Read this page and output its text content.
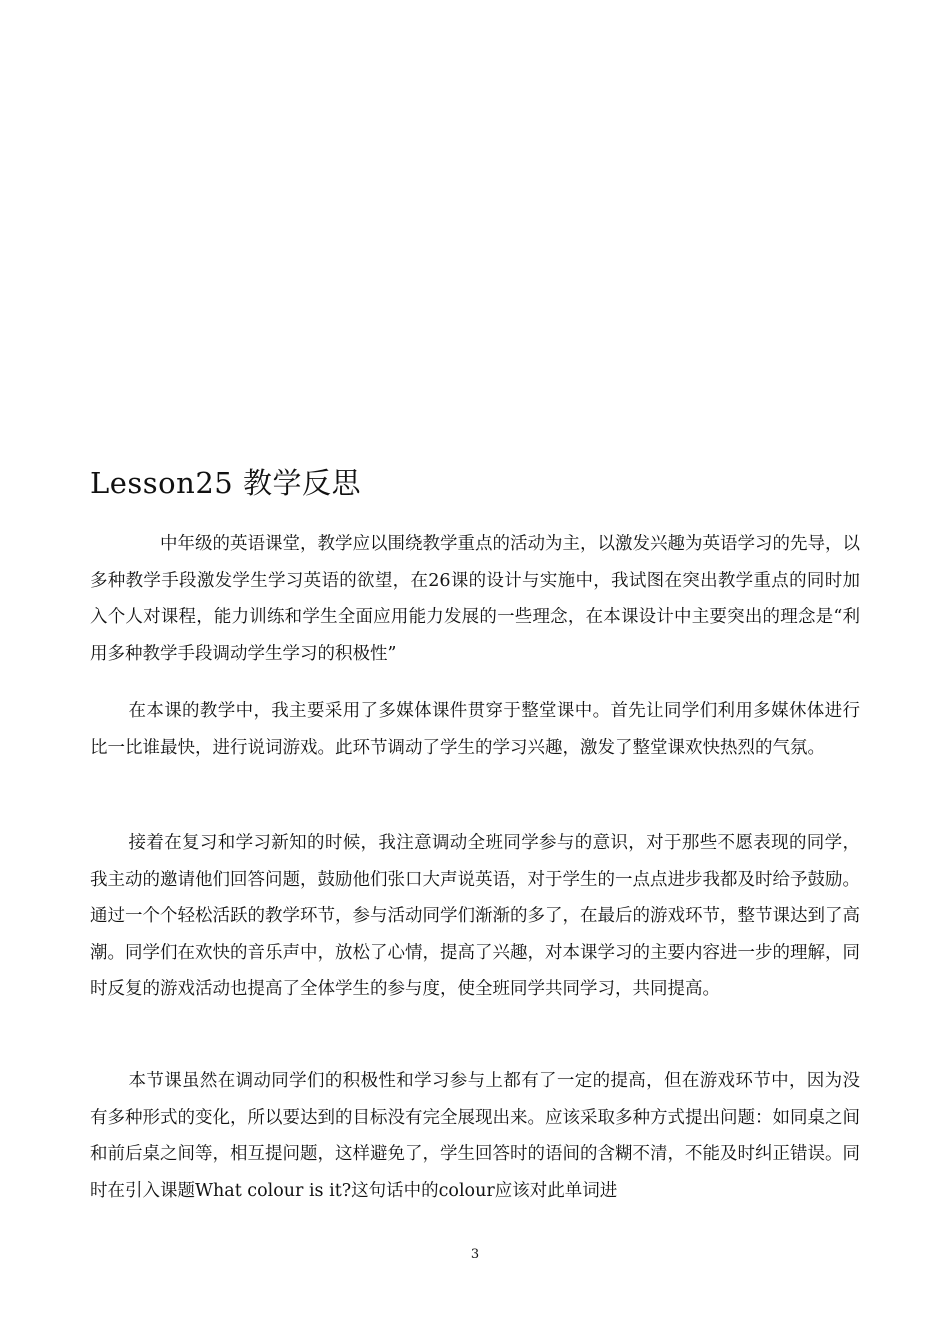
Lesson25 教学反思

中年级的英语课堂，教学应以围绕教学重点的活动为主，以激发兴趣为英语学习的先导，以多种教学手段激发学生学习英语的欲望，在26课的设计与实施中，我试图在突出教学重点的同时加入个人对课程，能力训练和学生全面应用能力发展的一些理念，在本课设计中主要突出的理念是“利用多种教学手段调动学生学习的积极性”

在本课的教学中，我主要采用了多媒体课件贯穿于整堂课中。首先让同学们利用多媒休体进行比一比谁最快，进行说词游戏。此环节调动了学生的学习兴趣，激发了整堂课欢快热烈的气氛。

接着在复习和学习新知的时候，我注意调动全班同学参与的意识，对于那些不愿表现的同学，我主动的邀请他们回答问题，鼓励他们张口大声说英语，对于学生的一点点进步我都及时给予鼓励。通过一个个轻松活跃的教学环节，参与活动同学们渐渐的多了，在最后的游戏环节，整节课达到了高潮。同学们在欢快的音乐声中，放松了心情，提高了兴趣，对本课学习的主要内容进一步的理解，同时反复的游戏活动也提高了全体学生的参与度，使全班同学共同学习，共同提高。

本节课虽然在调动同学们的积极性和学习参与上都有了一定的提高，但在游戏环节中，因为没有多种形式的变化，所以要达到的目标没有完全展现出来。应该采取多种方式提出问题：如同桌之间和前后桌之间等，相互提问题，这样避免了，学生回答时的语间的含糊不清，不能及时纠正错误。同时在引入课题What colour is it?这句话中的colour应该对此单词进

3
